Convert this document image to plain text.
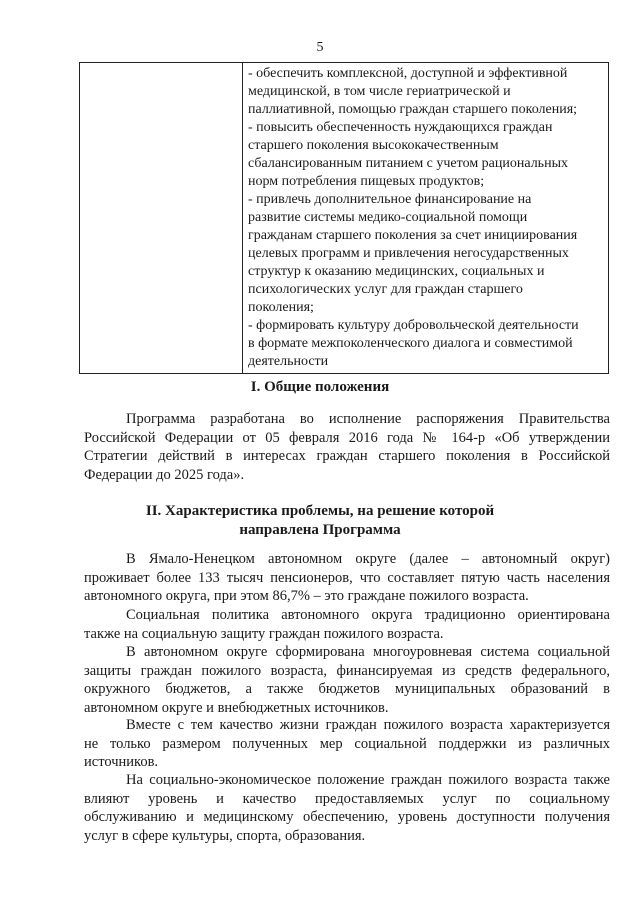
5

- обеспечить комплексной, доступной и эффективной
медицинской, в том числе гериатрической и
паллиативной, помощью граждан старшего поколения;
- повысить обеспеченность нуждающихся граждан
старшего поколения высококачественным
сбалансированным питанием с учетом рациональных
норм потребления пищевых продуктов;
- привлечь дополнительное финансирование на
развитие системы медико-социальной помощи
гражданам старшего поколения за счет инициирования
целевых программ и привлечения негосударственных
структур к оказанию медицинских, социальных и
психологических услуг для граждан старшего
поколения;
- формировать культуру добровольческой деятельности
в формате межпоколенческого диалога и совместимой
деятельности
I. Общие положения
Программа разработана во исполнение распоряжения Правительства
Российской Федерации от 05 февраля 2016 года № 164-р «Об утверждении
Стратегии действий в интересах граждан старшего поколения в Российской
Федерации до 2025 года».
II. Характеристика проблемы, на решение которой
направлена Программа
В Ямало-Ненецком автономном округе (далее – автономный округ)
проживает более 133 тысяч пенсионеров, что составляет пятую часть населения
автономного округа, при этом 86,7% – это граждане пожилого возраста.
Социальная политика автономного округа традиционно ориентирована
также на социальную защиту граждан пожилого возраста.
В автономном округе сформирована многоуровневая система социальной
защиты граждан пожилого возраста, финансируемая из средств федерального,
окружного бюджетов, а также бюджетов муниципальных образований в
автономном округе и внебюджетных источников.
Вместе с тем качество жизни граждан пожилого возраста характеризуется
не только размером полученных мер социальной поддержки из различных
источников.
На социально-экономическое положение граждан пожилого возраста также
влияют уровень и качество предоставляемых услуг по социальному
обслуживанию и медицинскому обеспечению, уровень доступности получения
услуг в сфере культуры, спорта, образования.
